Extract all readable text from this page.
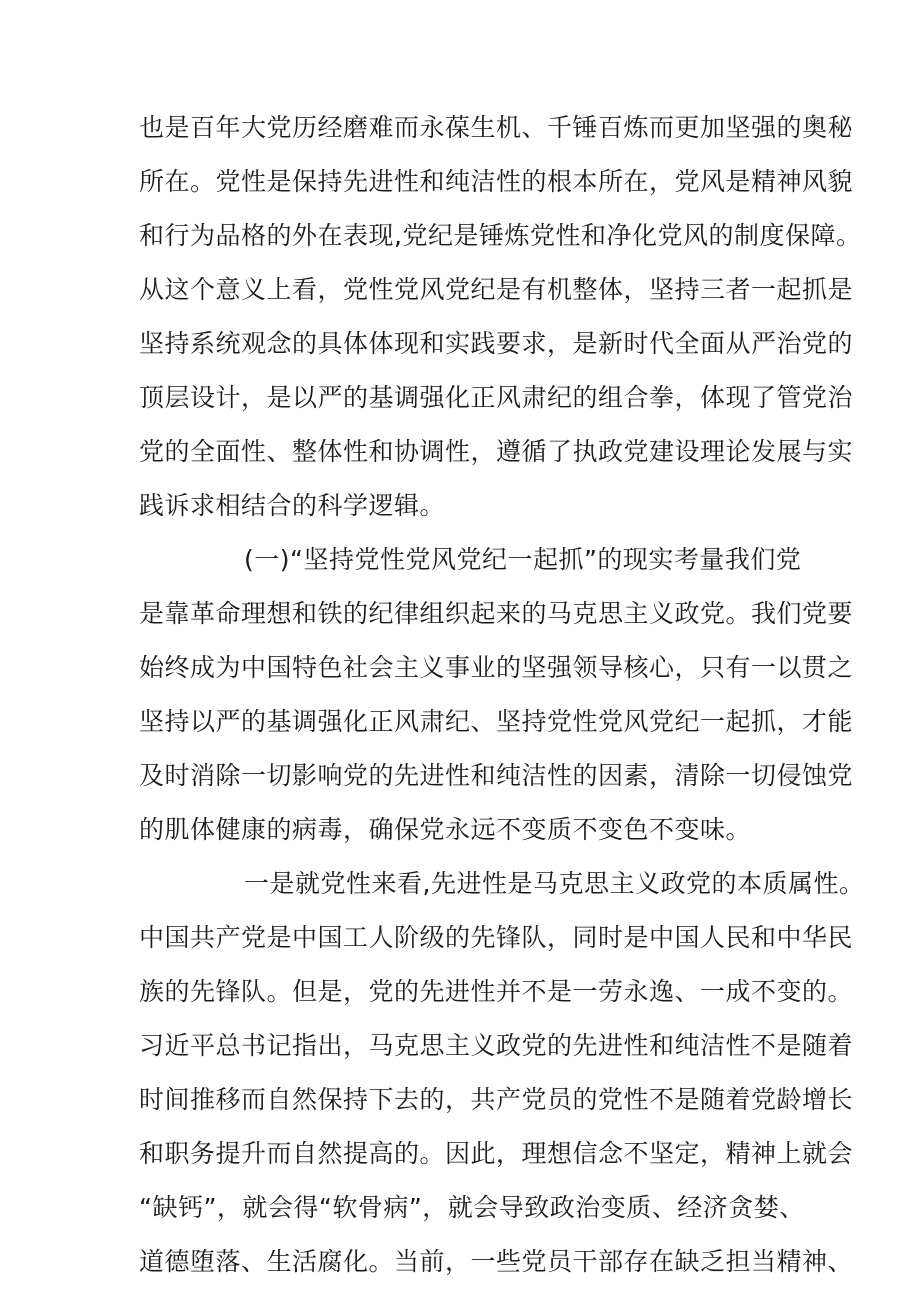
也是百年大党历经磨难而永葆生机、千锤百炼而更加坚强的奥秘
所在。党性是保持先进性和纯洁性的根本所在，党风是精神风貌
和行为品格的外在表现,党纪是锤炼党性和净化党风的制度保障。
从这个意义上看，党性党风党纪是有机整体，坚持三者一起抓是
坚持系统观念的具体体现和实践要求，是新时代全面从严治党的
顶层设计，是以严的基调强化正风肃纪的组合拳，体现了管党治
党的全面性、整体性和协调性，遵循了执政党建设理论发展与实
践诉求相结合的科学逻辑。
(一)“坚持党性党风党纪一起抓”的现实考量我们党
是靠革命理想和铁的纪律组织起来的马克思主义政党。我们党要
始终成为中国特色社会主义事业的坚强领导核心，只有一以贯之
坚持以严的基调强化正风肃纪、坚持党性党风党纪一起抓，才能
及时消除一切影响党的先进性和纯洁性的因素，清除一切侵蚀党
的肌体健康的病毒，确保党永远不变质不变色不变味。
一是就党性来看,先进性是马克思主义政党的本质属性。
中国共产党是中国工人阶级的先锋队，同时是中国人民和中华民
族的先锋队。但是，党的先进性并不是一劳永逸、一成不变的。
习近平总书记指出，马克思主义政党的先进性和纯洁性不是随着
时间推移而自然保持下去的，共产党员的党性不是随着党龄增长
和职务提升而自然提高的。因此，理想信念不坚定，精神上就会
“缺钙”，就会得“软骨病”，就会导致政治变质、经济贪婪、
道德堕落、生活腐化。当前，一些党员干部存在缺乏担当精神、
